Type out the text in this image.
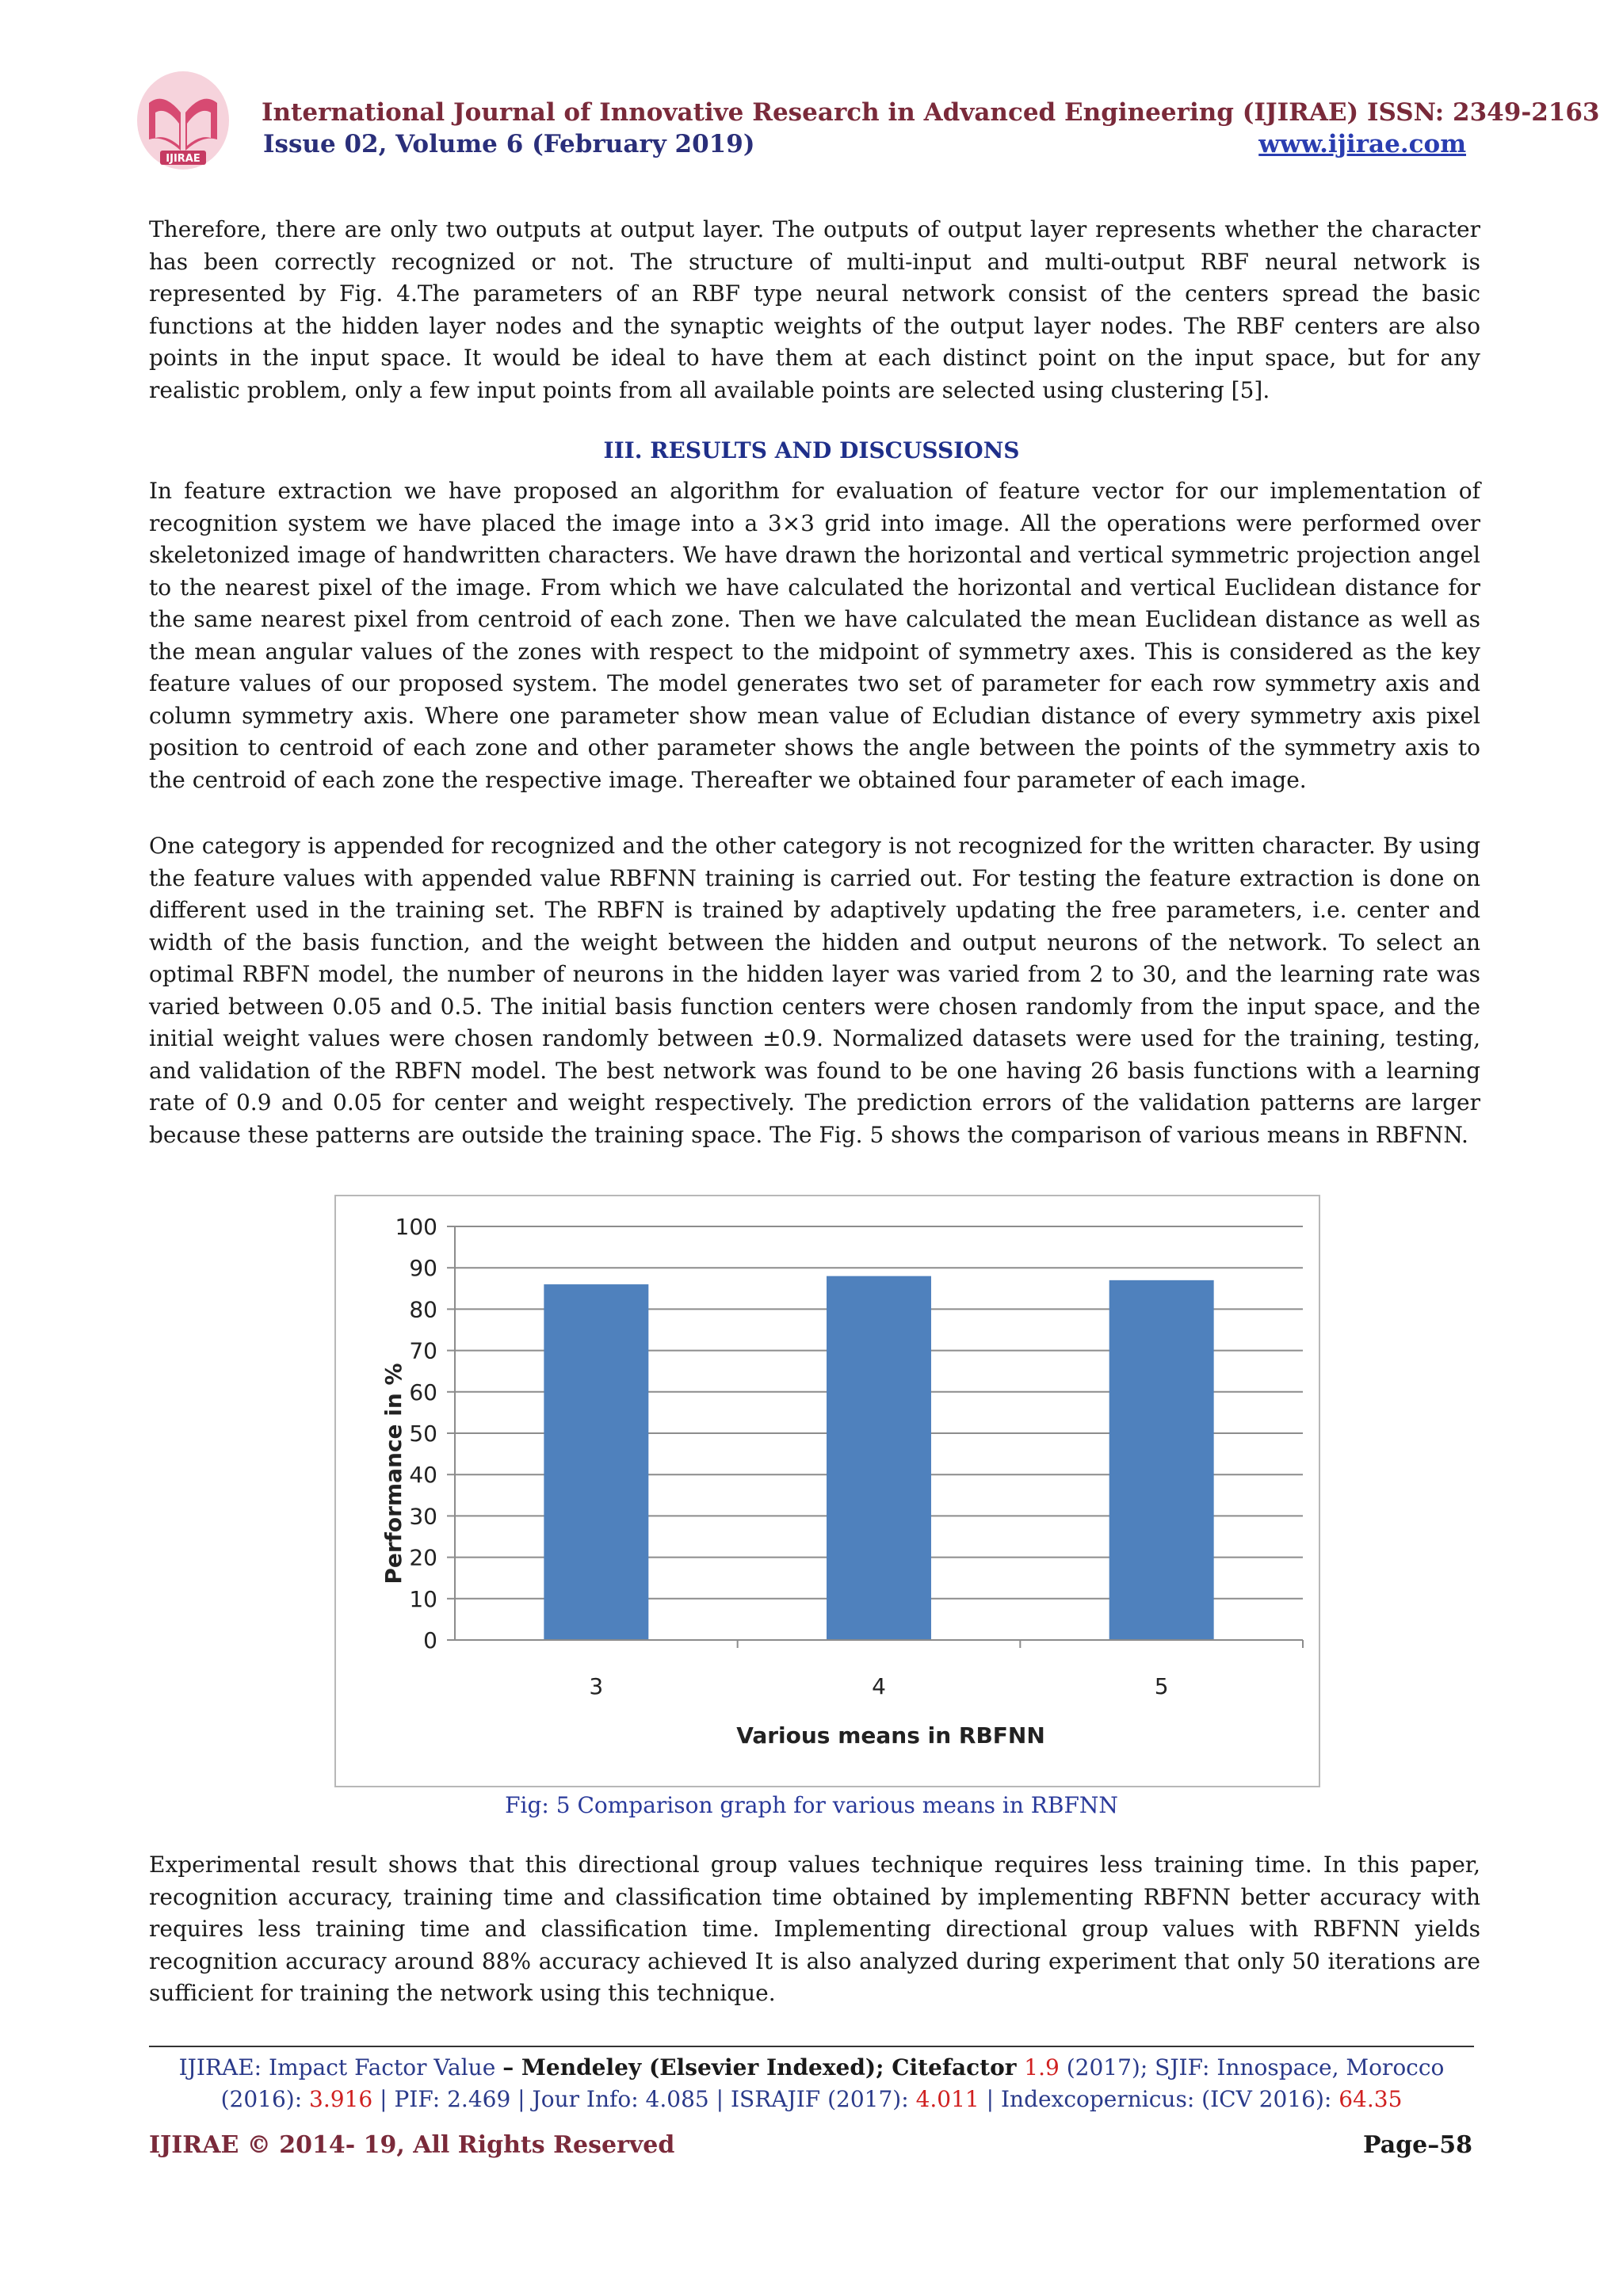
IJIRAE
International Journal of Innovative Research in Advanced Engineering (IJIRAE) ISSN: 2349-2163
Issue 02, Volume 6 (February 2019)	www.ijirae.com
Therefore, there are only two outputs at output layer. The outputs of output layer represents whether the character has been correctly recognized or not. The structure of multi-input and multi-output RBF neural network is represented by Fig. 4.The parameters of an RBF type neural network consist of the centers spread the basic functions at the hidden layer nodes and the synaptic weights of the output layer nodes. The RBF centers are also points in the input space. It would be ideal to have them at each distinct point on the input space, but for any realistic problem, only a few input points from all available points are selected using clustering [5].
III. RESULTS AND DISCUSSIONS
In feature extraction we have proposed an algorithm for evaluation of feature vector for our implementation of recognition system we have placed the image into a 3×3 grid into image. All the operations were performed over skeletonized image of handwritten characters. We have drawn the horizontal and vertical symmetric projection angel to the nearest pixel of the image. From which we have calculated the horizontal and vertical Euclidean distance for the same nearest pixel from centroid of each zone. Then we have calculated the mean Euclidean distance as well as the mean angular values of the zones with respect to the midpoint of symmetry axes. This is considered as the key feature values of our proposed system. The model generates two set of parameter for each row symmetry axis and column symmetry axis. Where one parameter show mean value of Ecludian distance of every symmetry axis pixel position to centroid of each zone and other parameter shows the angle between the points of the symmetry axis to the centroid of each zone the respective image. Thereafter we obtained four parameter of each image.
One category is appended for recognized and the other category is not recognized for the written character. By using the feature values with appended value RBFNN training is carried out. For testing the feature extraction is done on different used in the training set. The RBFN is trained by adaptively updating the free parameters, i.e. center and width of the basis function, and the weight between the hidden and output neurons of the network. To select an optimal RBFN model, the number of neurons in the hidden layer was varied from 2 to 30, and the learning rate was varied between 0.05 and 0.5. The initial basis function centers were chosen randomly from the input space, and the initial weight values were chosen randomly between ±0.9. Normalized datasets were used for the training, testing, and validation of the RBFN model. The best network was found to be one having 26 basis functions with a learning rate of 0.9 and 0.05 for center and weight respectively. The prediction errors of the validation patterns are larger because these patterns are outside the training space. The Fig. 5 shows the comparison of various means in RBFNN.
0
10
20
30
40
50
60
70
80
90
100
3	4	5
Performance in %
Various means in RBFNN
Fig: 5 Comparison graph for various means in RBFNN
Experimental result shows that this directional group values technique requires less training time. In this paper, recognition accuracy, training time and classification time obtained by implementing RBFNN better accuracy with requires less training time and classification time. Implementing directional group values with RBFNN yields recognition accuracy around 88% accuracy achieved It is also analyzed during experiment that only 50 iterations are sufficient for training the network using this technique.
IJIRAE: Impact Factor Value – Mendeley (Elsevier Indexed); Citefactor 1.9 (2017); SJIF: Innospace, Morocco
(2016): 3.916 | PIF: 2.469 | Jour Info: 4.085 | ISRAJIF (2017): 4.011 | Indexcopernicus: (ICV 2016): 64.35
IJIRAE © 2014- 19, All Rights Reserved	Page–58
